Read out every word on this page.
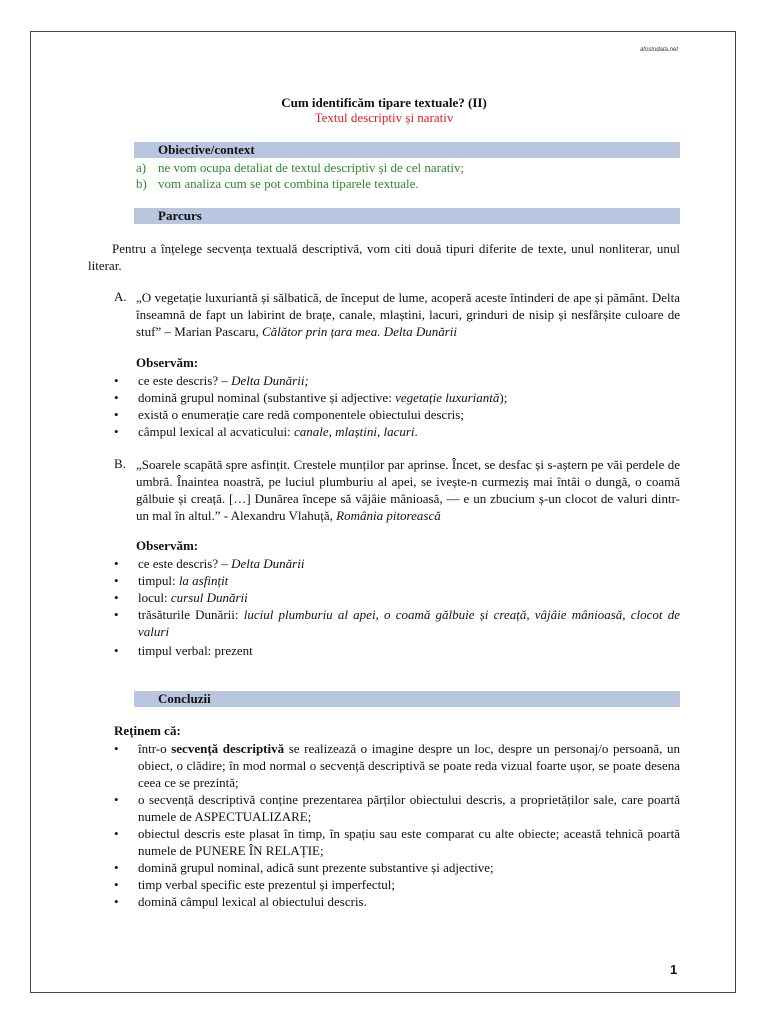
afostodata.net
Cum identificăm tipare textuale? (II)
Textul descriptiv și narativ
Obiective/context
a) ne vom ocupa detaliat de textul descriptiv și de cel narativ;
b) vom analiza cum se pot combina tiparele textuale.
Parcurs
Pentru a înțelege secvența textuală descriptivă, vom citi două tipuri diferite de texte, unul nonliterar, unul literar.
A. „O vegetație luxuriantă și sălbatică, de început de lume, acoperă aceste întinderi de ape și pământ. Delta înseamnă de fapt un labirint de brațe, canale, mlaștini, lacuri, grinduri de nisip și nesfârșite culoare de stuf” – Marian Pascaru, Călător prin țara mea. Delta Dunării
Observăm:
• ce este descris? – Delta Dunării;
• domină grupul nominal (substantive și adjective: vegetație luxuriantă);
• există o enumerație care redă componentele obiectului descris;
• câmpul lexical al acvaticului: canale, mlaștini, lacuri.
B. „Soarele scapătă spre asfințit. Crestele munților par aprinse. Încet, se desfac și s-aștern pe văi perdele de umbră. Înaintea noastră, pe luciul plumburiu al apei, se ivește-n curmeziș mai întâi o dungă, o coamă gălbuie și creață. […] Dunărea începe să vâjâie mânioasă, — e un zbucium ș-un clocot de valuri dintr-un mal în altul.” - Alexandru Vlahuță, România pitorească
Observăm:
• ce este descris? – Delta Dunării
• timpul: la asfințit
• locul: cursul Dunării
• trăsăturile Dunării: luciul plumburiu al apei, o coamă gălbuie și creață, vâjâie mânioasă, clocot de valuri
• timpul verbal: prezent
Concluzii
Reținem că:
• într-o secvență descriptivă se realizează o imagine despre un loc, despre un personaj/o persoană, un obiect, o clădire; în mod normal o secvență descriptivă se poate reda vizual foarte ușor, se poate desena ceea ce se prezintă;
• o secvență descriptivă conține prezentarea părților obiectului descris, a proprietăților sale, care poartă numele de ASPECTUALIZARE;
• obiectul descris este plasat în timp, în spațiu sau este comparat cu alte obiecte; această tehnică poartă numele de PUNERE ÎN RELAȚIE;
• domină grupul nominal, adică sunt prezente substantive și adjective;
• timp verbal specific este prezentul și imperfectul;
• domină câmpul lexical al obiectului descris.
1
